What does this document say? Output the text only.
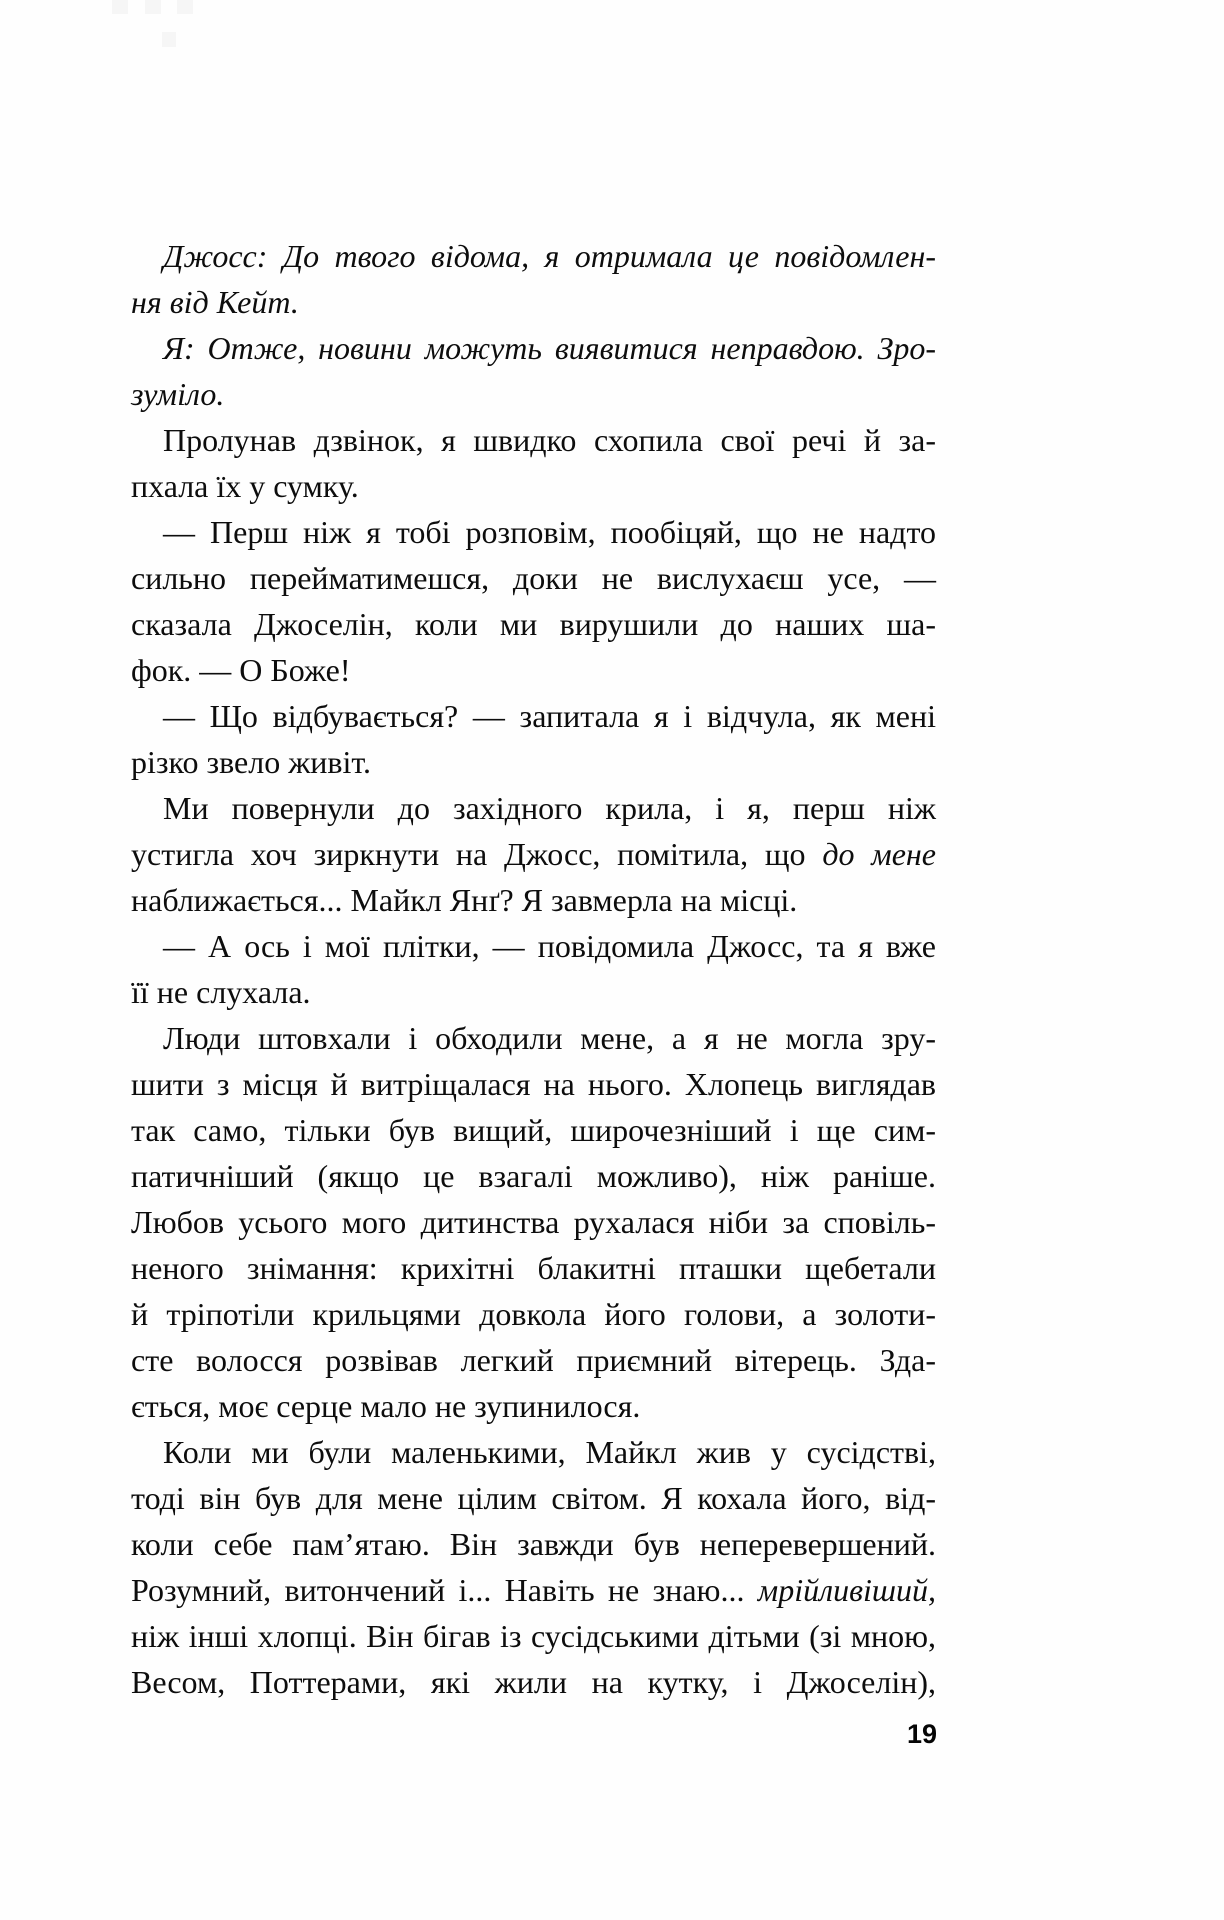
Джосс: До твого відома, я отримала це повідомлен-
ня від Кейт.
Я: Отже, новини можуть виявитися неправдою. Зро-
зуміло.
Пролунав дзвінок, я швидко схопила свої речі й за-
пхала їх у сумку.
— Перш ніж я тобі розповім, пообіцяй, що не надто
сильно перейматимешся, доки не вислухаєш усе, —
сказала Джоселін, коли ми вирушили до наших ша-
фок. — О Боже!
— Що відбувається? — запитала я і відчула, як мені
різко звело живіт.
Ми повернули до західного крила, і я, перш ніж
устигла хоч зиркнути на Джосс, помітила, що до мене
наближається... Майкл Янґ? Я завмерла на місці.
— А ось і мої плітки, — повідомила Джосс, та я вже
її не слухала.
Люди штовхали і обходили мене, а я не могла зру-
шити з місця й витріщалася на нього. Хлопець виглядав
так само, тільки був вищий, широчезніший і ще сим-
патичніший (якщо це взагалі можливо), ніж раніше.
Любов усього мого дитинства рухалася ніби за сповіль-
неного знімання: крихітні блакитні пташки щебетали
й тріпотіли крильцями довкола його голови, а золоти-
сте волосся розвівав легкий приємний вітерець. Зда-
ється, моє серце мало не зупинилося.
Коли ми були маленькими, Майкл жив у сусідстві,
тоді він був для мене цілим світом. Я кохала його, від-
коли себе пам’ятаю. Він завжди був неперевершений.
Розумний, витончений і... Навіть не знаю... мрійливіший,
ніж інші хлопці. Він бігав із сусідськими дітьми (зі мною,
Весом, Поттерами, які жили на кутку, і Джоселін),
19
